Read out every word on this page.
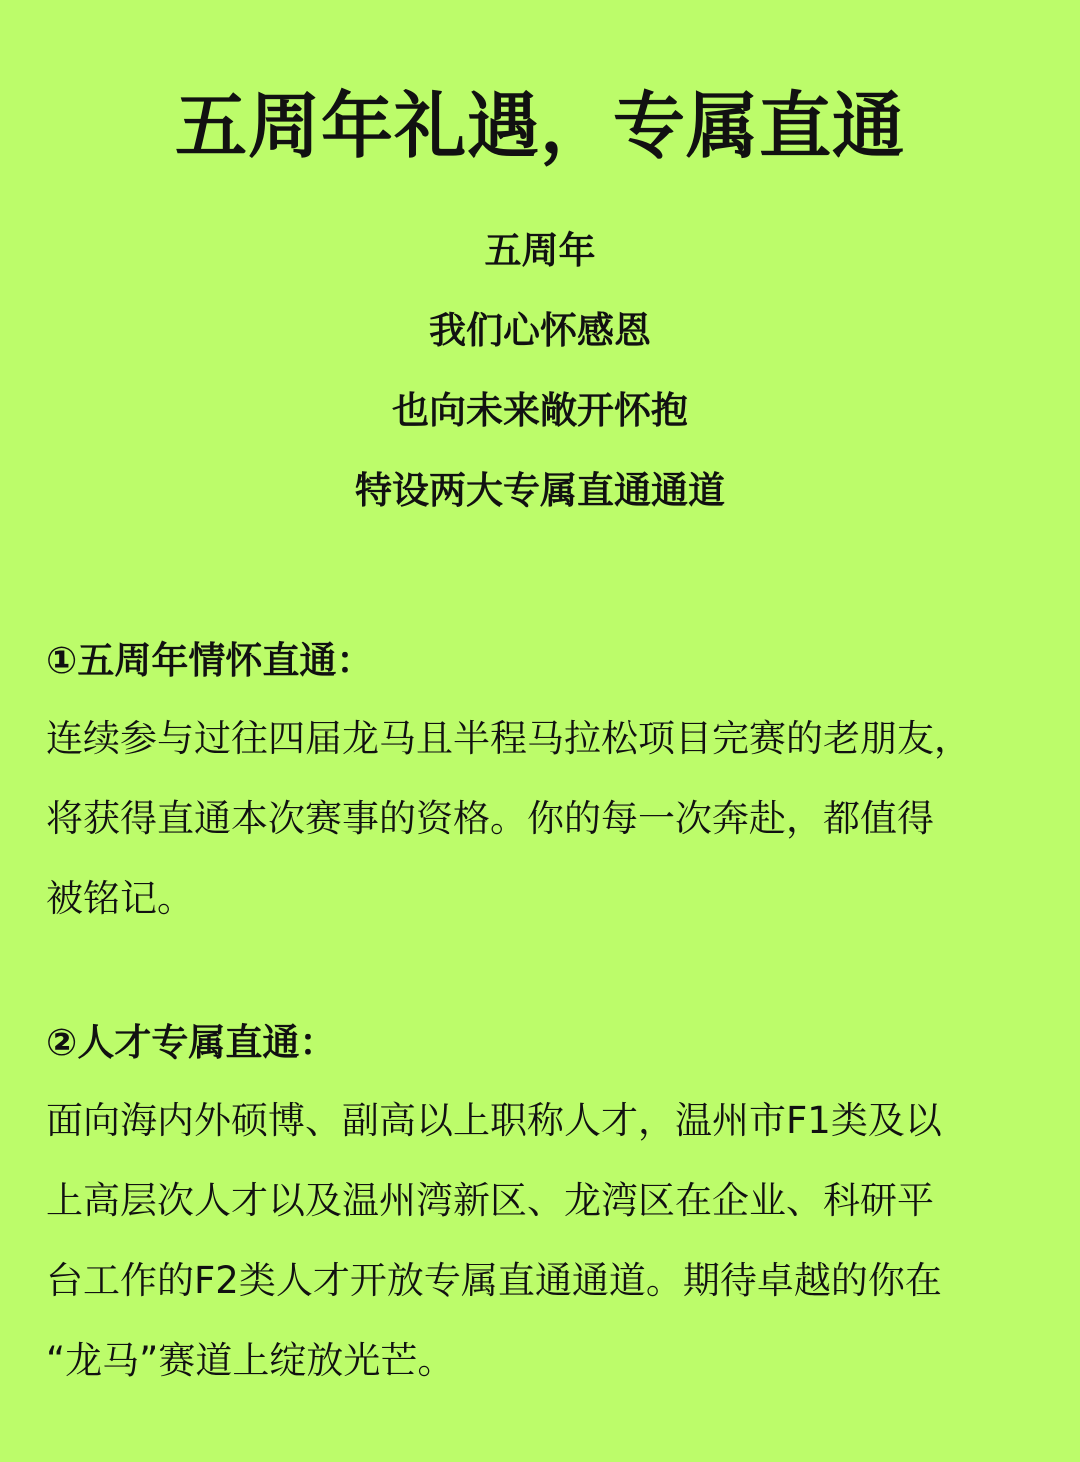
五周年礼遇，专属直通
五周年
我们心怀感恩
也向未来敞开怀抱
特设两大专属直通通道
①五周年情怀直通：
连续参与过往四届龙马且半程马拉松项目完赛的老朋友，
将获得直通本次赛事的资格。你的每一次奔赴，都值得
被铭记。
②人才专属直通：
面向海内外硕博、副高以上职称人才，温州市F1类及以
上高层次人才以及温州湾新区、龙湾区在企业、科研平
台工作的F2类人才开放专属直通通道。期待卓越的你在
“龙马”赛道上绽放光芒。
